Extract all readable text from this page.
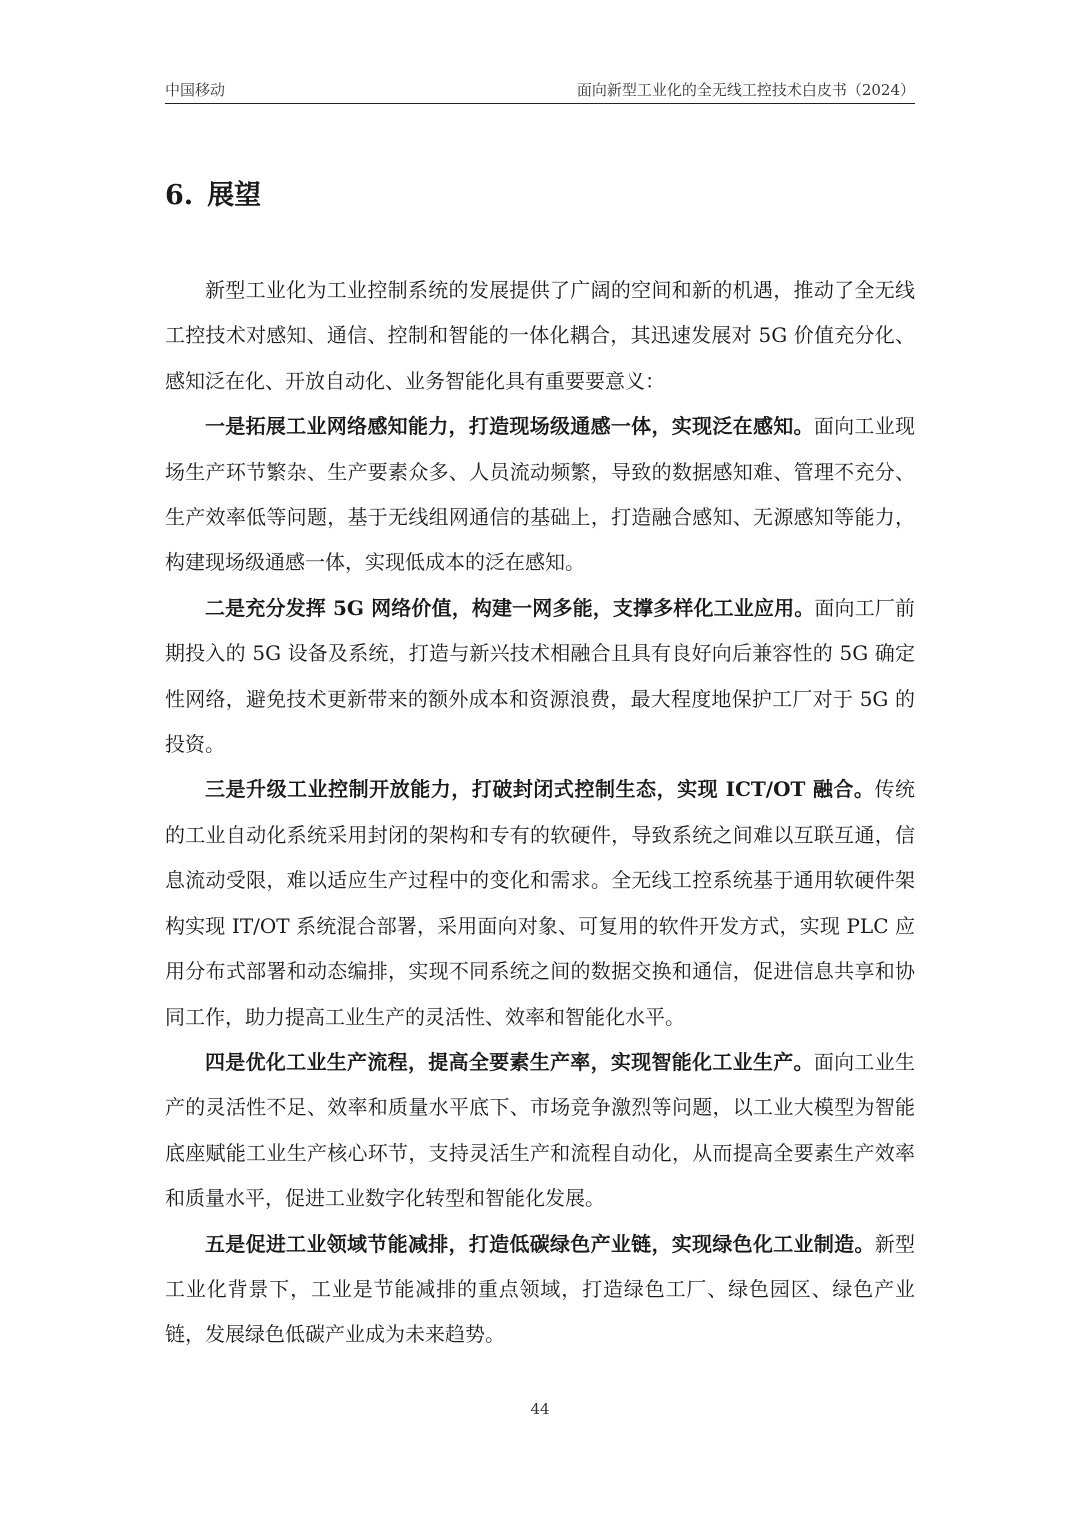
中国移动	面向新型工业化的全无线工控技术白皮书（2024）
6. 展望

新型工业化为工业控制系统的发展提供了广阔的空间和新的机遇，推动了全无线工控技术对感知、通信、控制和智能的一体化耦合，其迅速发展对 5G 价值充分化、感知泛在化、开放自动化、业务智能化具有重要要意义：

一是拓展工业网络感知能力，打造现场级通感一体，实现泛在感知。面向工业现场生产环节繁杂、生产要素众多、人员流动频繁，导致的数据感知难、管理不充分、生产效率低等问题，基于无线组网通信的基础上，打造融合感知、无源感知等能力，构建现场级通感一体，实现低成本的泛在感知。

二是充分发挥 5G 网络价值，构建一网多能，支撑多样化工业应用。面向工厂前期投入的 5G 设备及系统，打造与新兴技术相融合且具有良好向后兼容性的 5G 确定性网络，避免技术更新带来的额外成本和资源浪费，最大程度地保护工厂对于 5G 的投资。

三是升级工业控制开放能力，打破封闭式控制生态，实现 ICT/OT 融合。传统的工业自动化系统采用封闭的架构和专有的软硬件，导致系统之间难以互联互通，信息流动受限，难以适应生产过程中的变化和需求。全无线工控系统基于通用软硬件架构实现 IT/OT 系统混合部署，采用面向对象、可复用的软件开发方式，实现 PLC 应用分布式部署和动态编排，实现不同系统之间的数据交换和通信，促进信息共享和协同工作，助力提高工业生产的灵活性、效率和智能化水平。

四是优化工业生产流程，提高全要素生产率，实现智能化工业生产。面向工业生产的灵活性不足、效率和质量水平底下、市场竞争激烈等问题，以工业大模型为智能底座赋能工业生产核心环节，支持灵活生产和流程自动化，从而提高全要素生产效率和质量水平，促进工业数字化转型和智能化发展。

五是促进工业领域节能减排，打造低碳绿色产业链，实现绿色化工业制造。新型工业化背景下，工业是节能减排的重点领域，打造绿色工厂、绿色园区、绿色产业链，发展绿色低碳产业成为未来趋势。

44
